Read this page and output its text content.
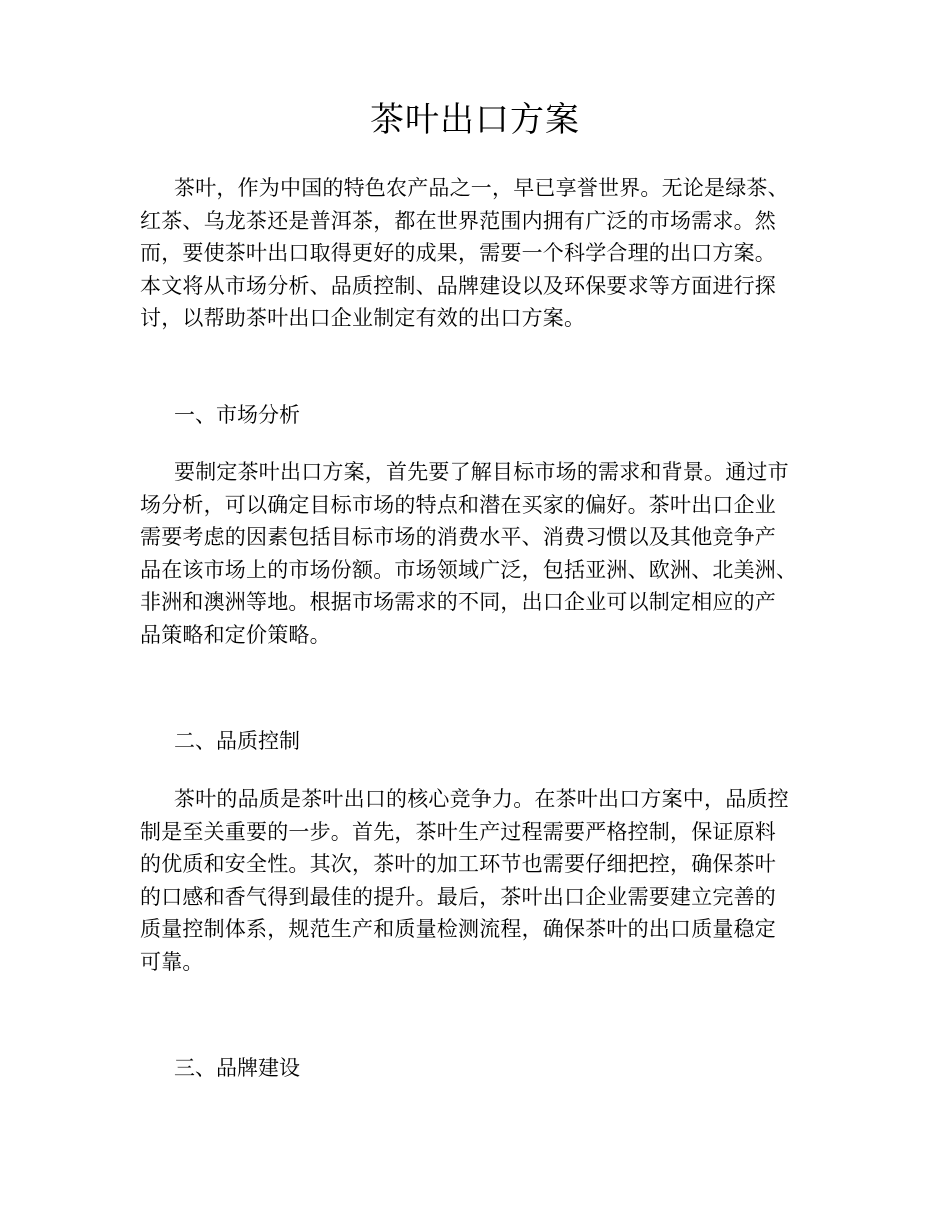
茶叶出口方案
茶叶，作为中国的特色农产品之一，早已享誉世界。无论是绿茶、
红茶、乌龙茶还是普洱茶，都在世界范围内拥有广泛的市场需求。然
而，要使茶叶出口取得更好的成果，需要一个科学合理的出口方案。
本文将从市场分析、品质控制、品牌建设以及环保要求等方面进行探
讨，以帮助茶叶出口企业制定有效的出口方案。
一、市场分析
要制定茶叶出口方案，首先要了解目标市场的需求和背景。通过市
场分析，可以确定目标市场的特点和潜在买家的偏好。茶叶出口企业
需要考虑的因素包括目标市场的消费水平、消费习惯以及其他竞争产
品在该市场上的市场份额。市场领域广泛，包括亚洲、欧洲、北美洲、
非洲和澳洲等地。根据市场需求的不同，出口企业可以制定相应的产
品策略和定价策略。
二、品质控制
茶叶的品质是茶叶出口的核心竞争力。在茶叶出口方案中，品质控
制是至关重要的一步。首先，茶叶生产过程需要严格控制，保证原料
的优质和安全性。其次，茶叶的加工环节也需要仔细把控，确保茶叶
的口感和香气得到最佳的提升。最后，茶叶出口企业需要建立完善的
质量控制体系，规范生产和质量检测流程，确保茶叶的出口质量稳定
可靠。
三、品牌建设
